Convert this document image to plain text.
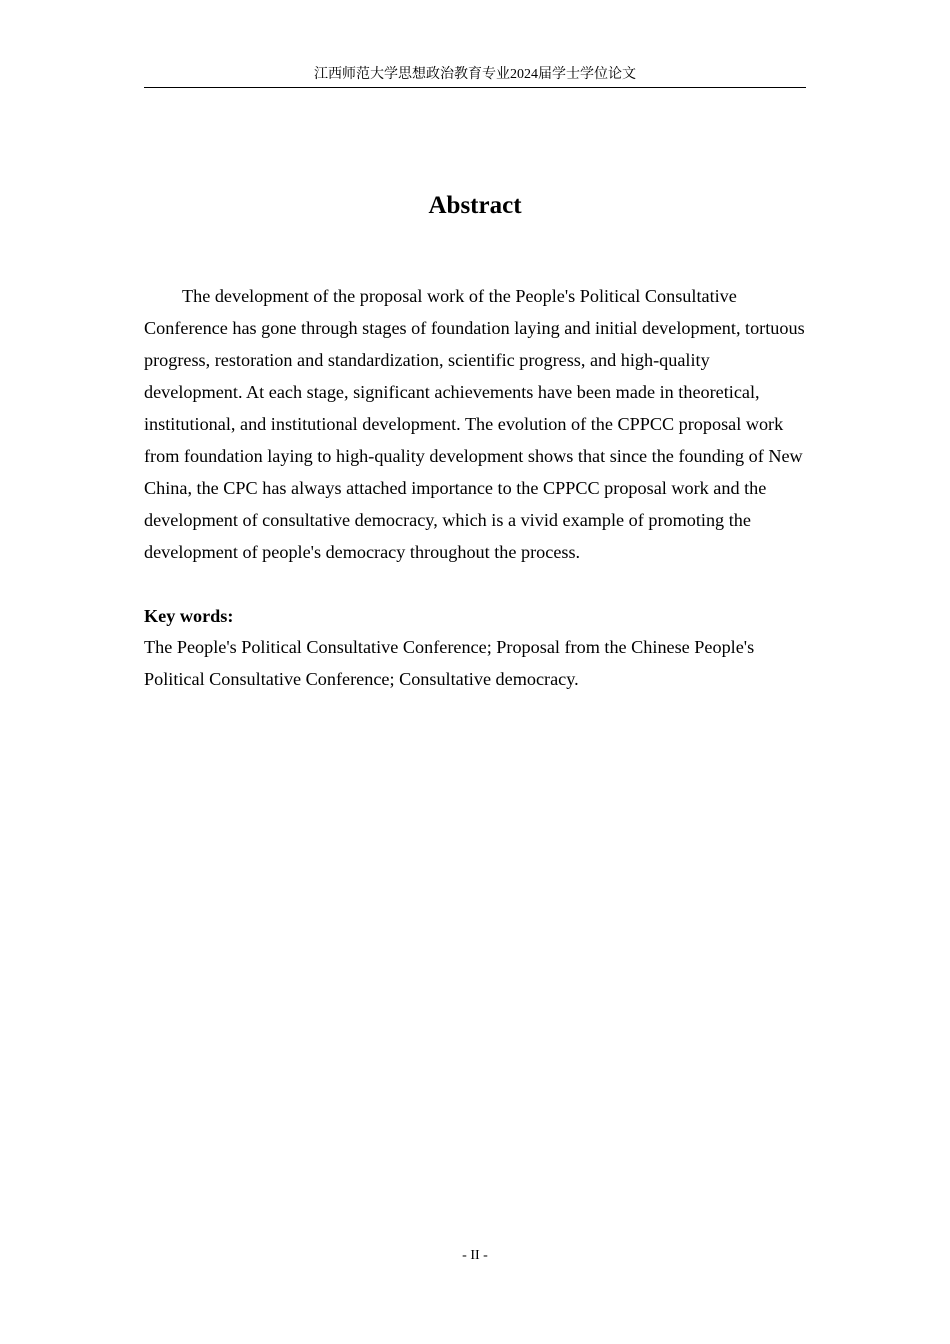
江西师范大学思想政治教育专业2024届学士学位论文
Abstract

The development of the proposal work of the People's Political Consultative Conference has gone through stages of foundation laying and initial development, tortuous progress, restoration and standardization, scientific progress, and high-quality development. At each stage, significant achievements have been made in theoretical, institutional, and institutional development. The evolution of the CPPCC proposal work from foundation laying to high-quality development shows that since the founding of New China, the CPC has always attached importance to the CPPCC proposal work and the development of consultative democracy, which is a vivid example of promoting the development of people's democracy throughout the process.

Key words:

The People's Political Consultative Conference; Proposal from the Chinese People's Political Consultative Conference; Consultative democracy.

- II -
